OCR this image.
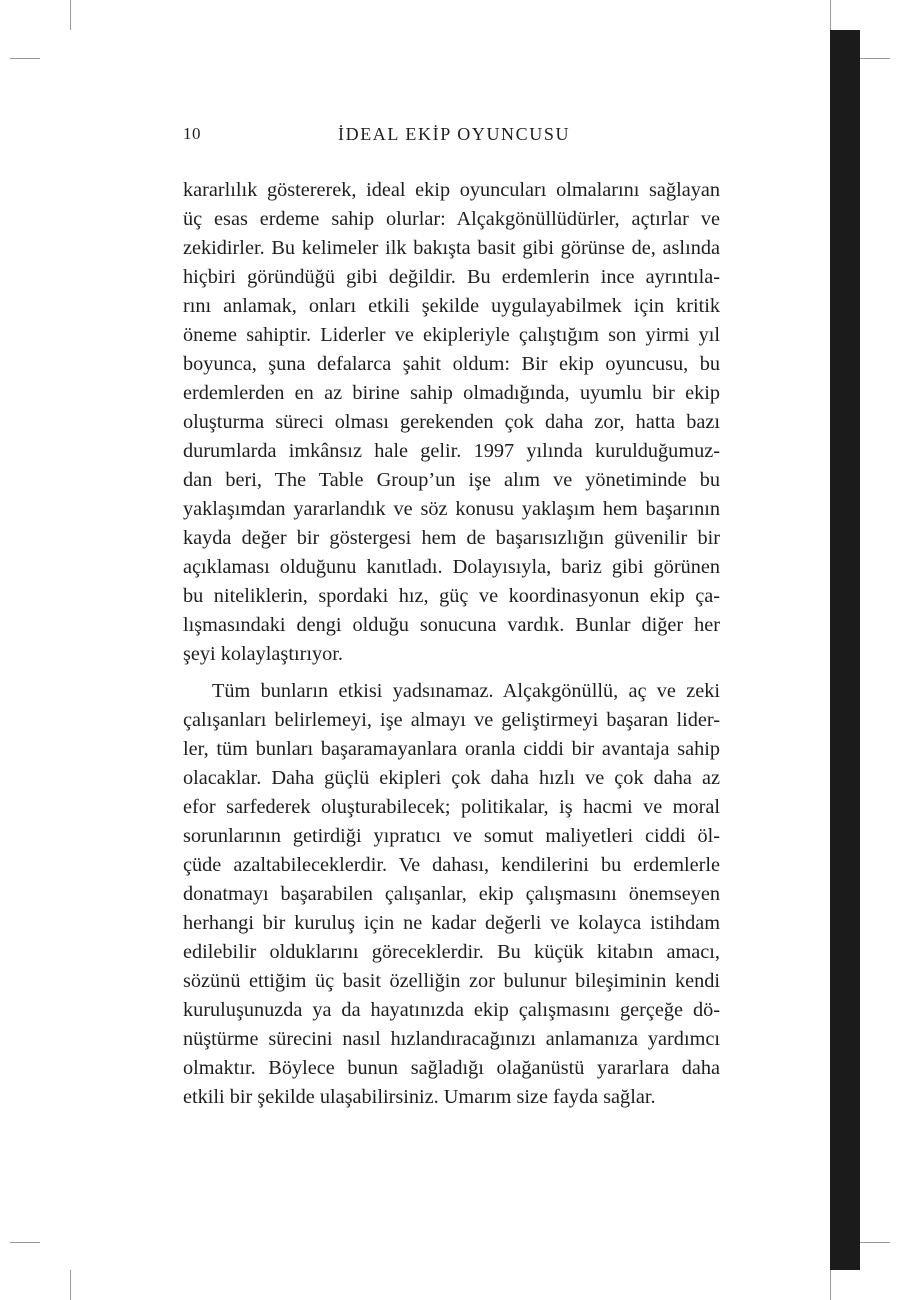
10	İDEAL EKİP OYUNCUSU

kararlılık göstererek, ideal ekip oyuncuları olmalarını sağlayan
üç esas erdeme sahip olurlar: Alçakgönüllüdürler, açtırlar ve
zekidirler. Bu kelimeler ilk bakışta basit gibi görünse de, aslında
hiçbiri göründüğü gibi değildir. Bu erdemlerin ince ayrıntıla-
rını anlamak, onları etkili şekilde uygulayabilmek için kritik
öneme sahiptir. Liderler ve ekipleriyle çalıştığım son yirmi yıl
boyunca, şuna defalarca şahit oldum: Bir ekip oyuncusu, bu
erdemlerden en az birine sahip olmadığında, uyumlu bir ekip
oluşturma süreci olması gerekenden çok daha zor, hatta bazı
durumlarda imkânsız hale gelir. 1997 yılında kurulduğumuz-
dan beri, The Table Group’un işe alım ve yönetiminde bu
yaklaşımdan yararlandık ve söz konusu yaklaşım hem başarının
kayda değer bir göstergesi hem de başarısızlığın güvenilir bir
açıklaması olduğunu kanıtladı. Dolayısıyla, bariz gibi görünen
bu niteliklerin, spordaki hız, güç ve koordinasyonun ekip ça-
lışmasındaki dengi olduğu sonucuna vardık. Bunlar diğer her
şeyi kolaylaştırıyor.

Tüm bunların etkisi yadsınamaz. Alçakgönüllü, aç ve zeki
çalışanları belirlemeyi, işe almayı ve geliştirmeyi başaran lider-
ler, tüm bunları başaramayanlara oranla ciddi bir avantaja sahip
olacaklar. Daha güçlü ekipleri çok daha hızlı ve çok daha az
efor sarfederek oluşturabilecek; politikalar, iş hacmi ve moral
sorunlarının getirdiği yıpratıcı ve somut maliyetleri ciddi öl-
çüde azaltabileceklerdir. Ve dahası, kendilerini bu erdemlerle
donatmayı başarabilen çalışanlar, ekip çalışmasını önemseyen
herhangi bir kuruluş için ne kadar değerli ve kolayca istihdam
edilebilir olduklarını göreceklerdir. Bu küçük kitabın amacı,
sözünü ettiğim üç basit özelliğin zor bulunur bileşiminin kendi
kuruluşunuzda ya da hayatınızda ekip çalışmasını gerçeğe dö-
nüştürme sürecini nasıl hızlandıracağınızı anlamanıza yardımcı
olmaktır. Böylece bunun sağladığı olağanüstü yararlara daha
etkili bir şekilde ulaşabilirsiniz. Umarım size fayda sağlar.
